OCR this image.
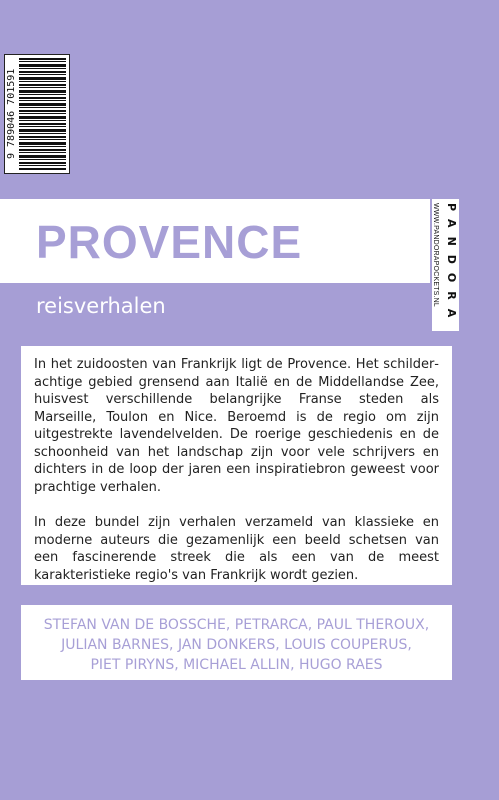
9 789046 701591
PROVENCE
reisverhalen	WWW.PANDORAPOCKETS.NL PANDORA

In het zuidoosten van Frankrijk ligt de Provence. Het schilderachtige gebied grensend aan Italië en de Middellandse Zee, huisvest verschillende belangrijke Franse steden als Marseille, Toulon en Nice. Beroemd is de regio om zijn uitgestrekte lavendelvelden. De roerige geschiedenis en de schoonheid van het landschap zijn voor vele schrijvers en dichters in de loop der jaren een inspiratiebron geweest voor prachtige verhalen.

In deze bundel zijn verhalen verzameld van klassieke en moderne auteurs die gezamenlijk een beeld schetsen van een fascinerende streek die als een van de meest karakteristieke regio's van Frankrijk wordt gezien.

STEFAN VAN DE BOSSCHE, PETRARCA, PAUL THEROUX,
JULIAN BARNES, JAN DONKERS, LOUIS COUPERUS,
PIET PIRYNS, MICHAEL ALLIN, HUGO RAES
